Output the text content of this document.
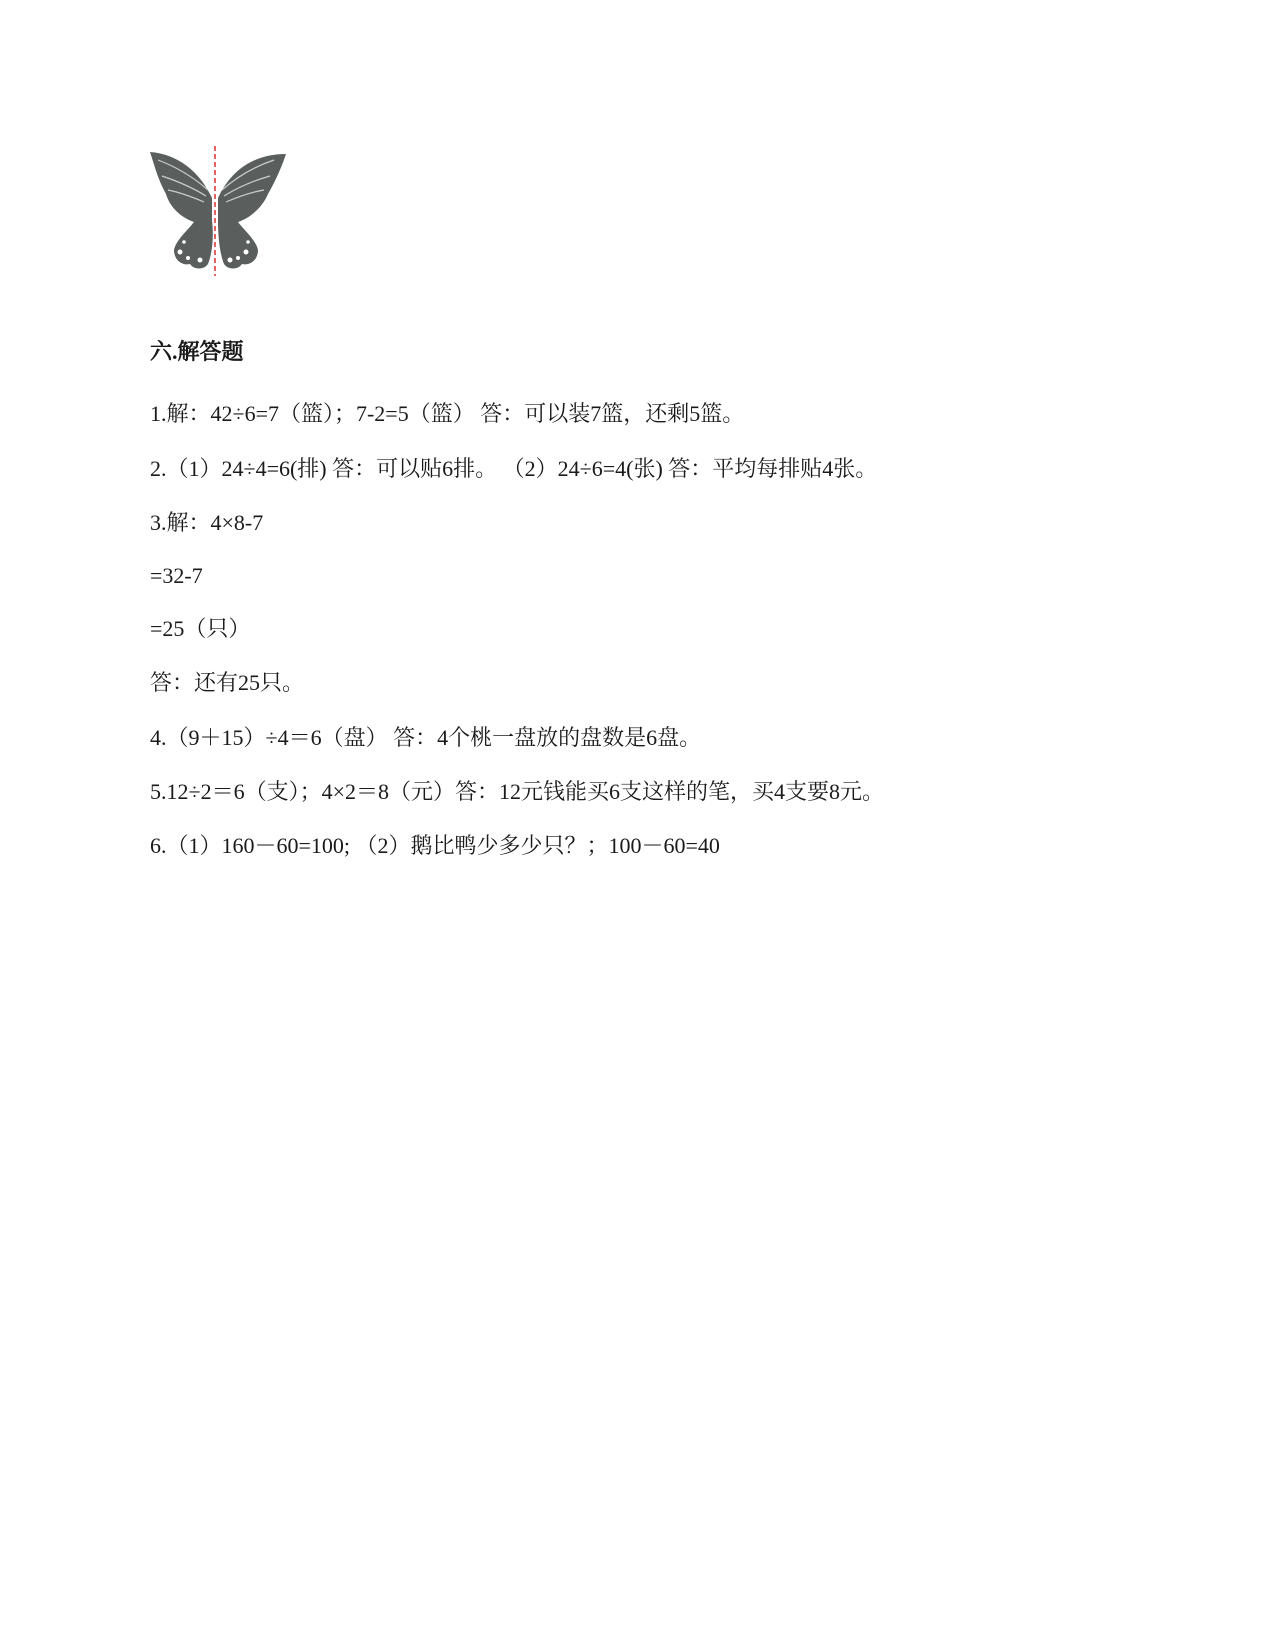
六.解答题

1.解：42÷6=7（篮）；7-2=5（篮） 答：可以装7篮，还剩5篮。

2.（1）24÷4=6(排) 答：可以贴6排。 （2）24÷6=4(张) 答：平均每排贴4张。

3.解：4×8-7

=32-7

=25（只）

答：还有25只。

4.（9＋15）÷4＝6（盘） 答：4个桃一盘放的盘数是6盘。

5.12÷2＝6（支）；4×2＝8（元）答：12元钱能买6支这样的笔，买4支要8元。

6.（1）160－60=100; （2）鹅比鸭少多少只？；100－60=40
